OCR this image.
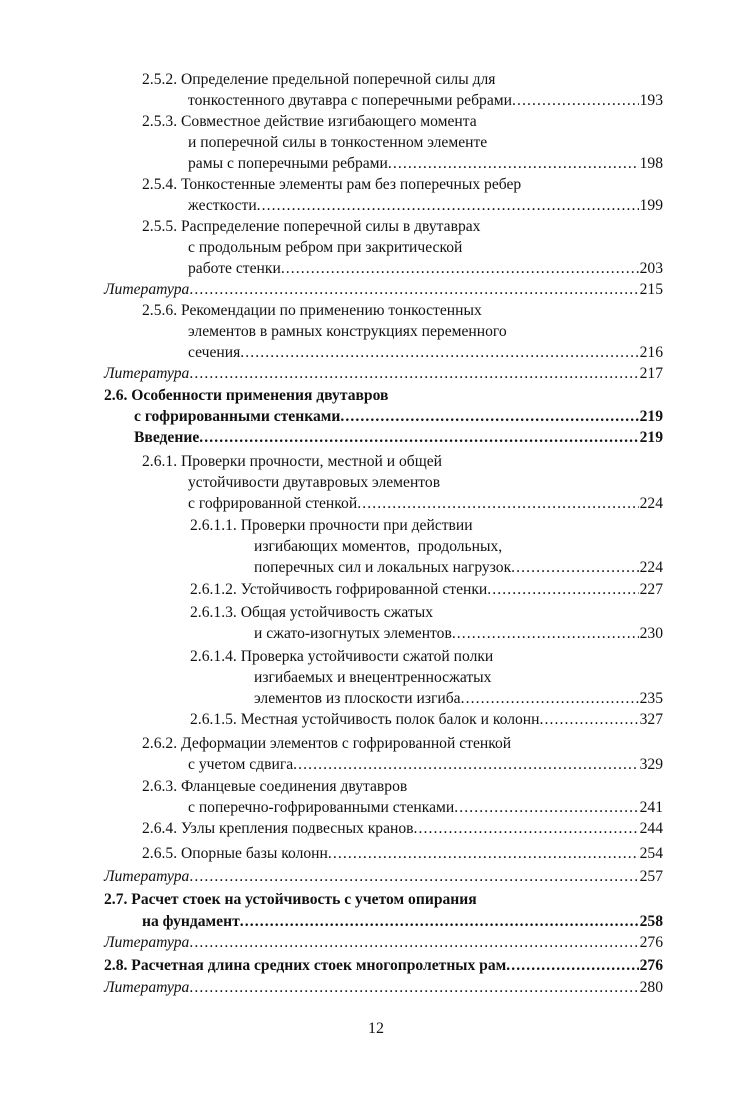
2.5.2. Определение предельной поперечной силы для
тонкостенного двутавра с поперечными ребрами .....	193
2.5.3. Совместное действие изгибающего момента
и поперечной силы в тонкостенном элементе
рамы с поперечными ребрами .....	198
2.5.4. Тонкостенные элементы рам без поперечных ребер
жесткости .....	199
2.5.5. Распределение поперечной силы в двутаврах
с продольным ребром при закритической
работе стенки .....	203
Литература .....	215
2.5.6. Рекомендации по применению тонкостенных
элементов в рамных конструкциях переменного
сечения .....	216
Литература .....	217
2.6. Особенности применения двутавров
с гофрированными стенками .....	219
Введение .....	219
2.6.1. Проверки прочности, местной и общей
устойчивости двутавровых элементов
с гофрированной стенкой .....	224
2.6.1.1. Проверки прочности при действии
изгибающих моментов,  продольных,
поперечных сил и локальных нагрузок .....	224
2.6.1.2. Устойчивость гофрированной стенки .....	227
2.6.1.3. Общая устойчивость сжатых
и сжато-изогнутых элементов .....	230
2.6.1.4. Проверка устойчивости сжатой полки
изгибаемых и внецентренносжатых
элементов из плоскости изгиба .....	235
2.6.1.5. Местная устойчивость полок балок и колонн .....	327
2.6.2. Деформации элементов с гофрированной стенкой
с учетом сдвига .....	329
2.6.3. Фланцевые соединения двутавров
с поперечно-гофрированными стенками .....	241
2.6.4. Узлы крепления подвесных кранов .....	244
2.6.5. Опорные базы колонн .....	254
Литература .....	257
2.7. Расчет стоек на устойчивость с учетом опирания
на фундамент .....	258
Литература .....	276
2.8. Расчетная длина средних стоек многопролетных рам .....	276
Литература .....	280
12
